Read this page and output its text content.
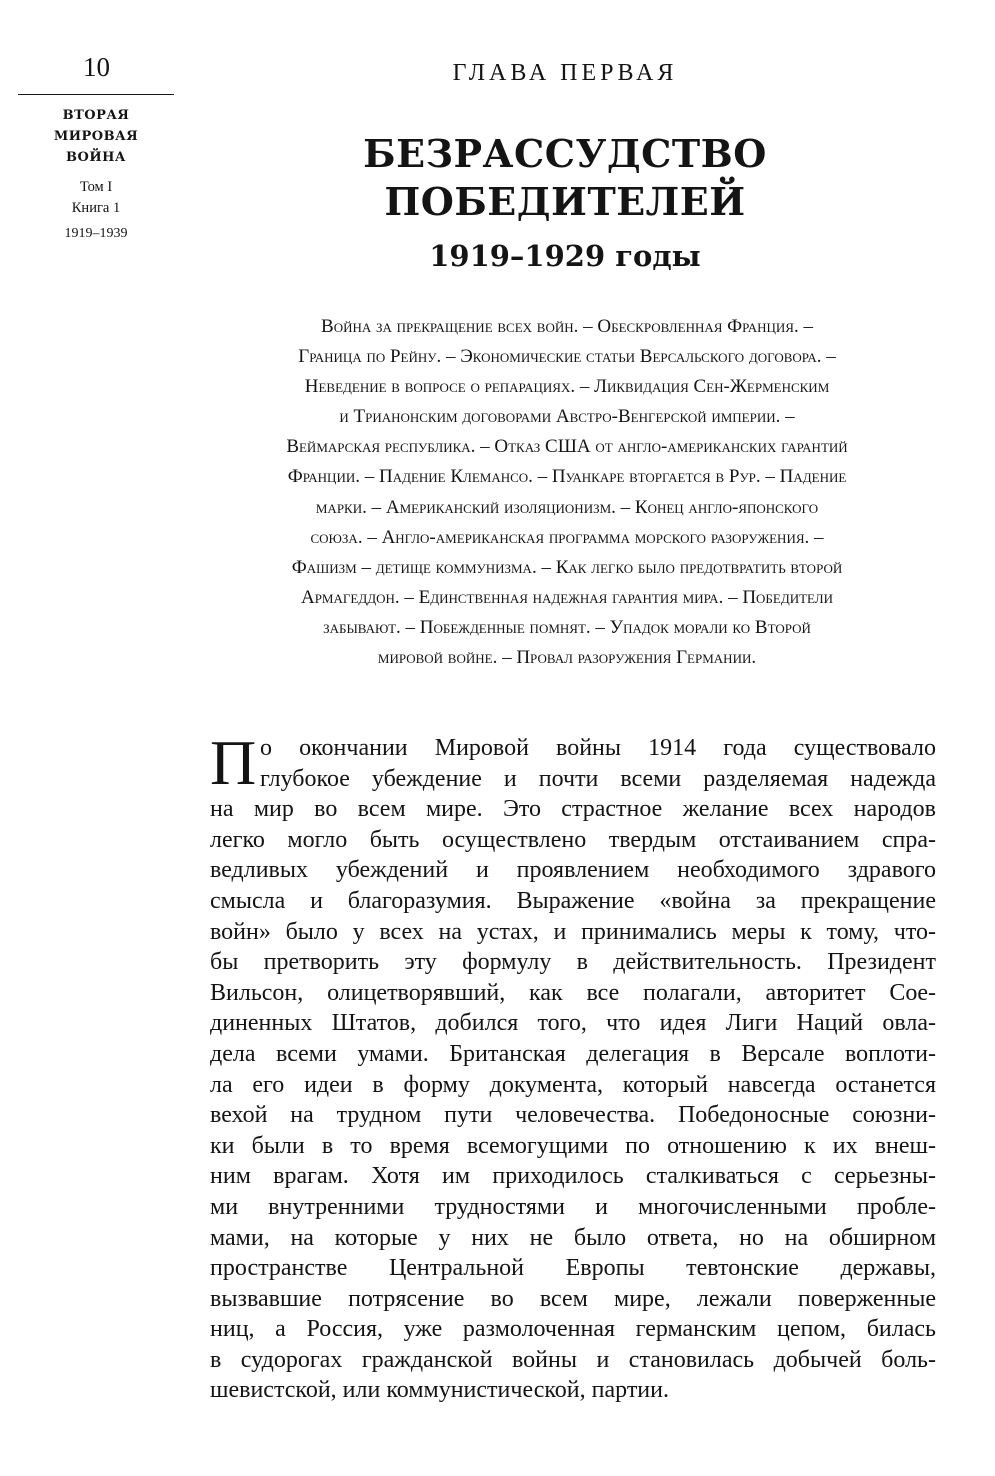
10
ВТОРАЯ
МИРОВАЯ
ВОЙНА
Том I
Книга 1
1919–1939
ГЛАВА ПЕРВАЯ
БЕЗРАССУДСТВО
ПОБЕДИТЕЛЕЙ
1919–1929 годы
Война за прекращение всех войн. – Обескровленная Франция. –
Граница по Рейну. – Экономические статьи Версальского договора. –
Неведение в вопросе о репарациях. – Ликвидация Сен-Жерменским
и Трианонским договорами Австро-Венгерской империи. –
Веймарская республика. – Отказ США от англо-американских гарантий
Франции. – Падение Клемансо. – Пуанкаре вторгается в Рур. – Падение
марки. – Американский изоляционизм. – Конец англо-японского
союза. – Англо-американская программа морского разоружения. –
Фашизм – детище коммунизма. – Как легко было предотвратить второй
Армагеддон. – Единственная надежная гарантия мира. – Победители
забывают. – Побежденные помнят. – Упадок морали ко Второй
мировой войне. – Провал разоружения Германии.
П о окончании Мировой войны 1914 года существовало
глубокое убеждение и почти всеми разделяемая надежда
на мир во всем мире. Это страстное желание всех народов
легко могло быть осуществлено твердым отстаиванием спра-
ведливых убеждений и проявлением необходимого здравого
смысла и благоразумия. Выражение «война за прекращение
войн» было у всех на устах, и принимались меры к тому, что-
бы претворить эту формулу в действительность. Президент
Вильсон, олицетворявший, как все полагали, авторитет Соe-
диненных Штатов, добился того, что идея Лиги Наций овла-
дела всеми умами. Британская делегация в Версале воплоти-
ла его идеи в форму документа, который навсегда останется
вехой на трудном пути человечества. Победоносные союзни-
ки были в то время всемогущими по отношению к их внеш-
ним врагам. Хотя им приходилось сталкиваться с серьезны-
ми внутренними трудностями и многочисленными пробле-
мами, на которые у них не было ответа, но на обширном
пространстве Центральной Европы тевтонские державы,
вызвавшие потрясение во всем мире, лежали поверженные
ниц, а Россия, уже размолоченная германским цепом, билась
в судорогах гражданской войны и становилась добычей боль-
шевистской, или коммунистической, партии.
